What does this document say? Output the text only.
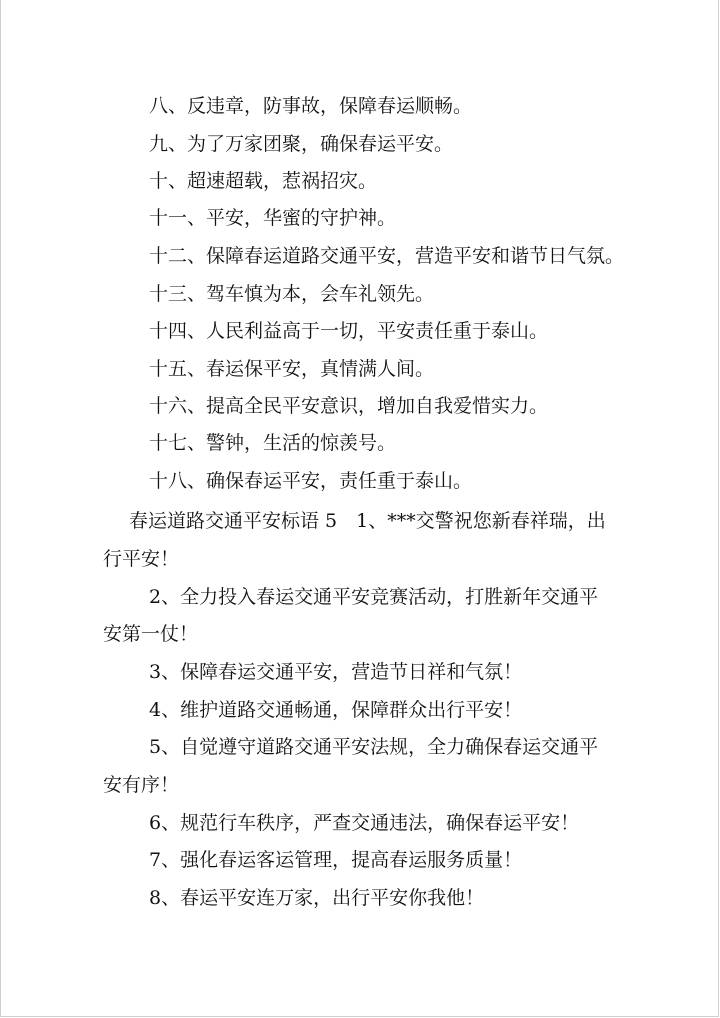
八、反违章，防事故，保障春运顺畅。
九、为了万家团聚，确保春运平安。
十、超速超载，惹祸招灾。
十一、平安，华蜜的守护神。
十二、保障春运道路交通平安，营造平安和谐节日气氛。
十三、驾车慎为本，会车礼领先。
十四、人民利益高于一切，平安责任重于泰山。
十五、春运保平安，真情满人间。
十六、提高全民平安意识，增加自我爱惜实力。
十七、警钟，生活的惊羡号。
十八、确保春运平安，责任重于泰山。
春运道路交通平安标语 5　1、***交警祝您新春祥瑞，出
行平安！
2、全力投入春运交通平安竞赛活动，打胜新年交通平
安第一仗！
3、保障春运交通平安，营造节日祥和气氛！
4、维护道路交通畅通，保障群众出行平安！
5、自觉遵守道路交通平安法规，全力确保春运交通平
安有序！
6、规范行车秩序，严查交通违法，确保春运平安！
7、强化春运客运管理，提高春运服务质量！
8、春运平安连万家，出行平安你我他！
